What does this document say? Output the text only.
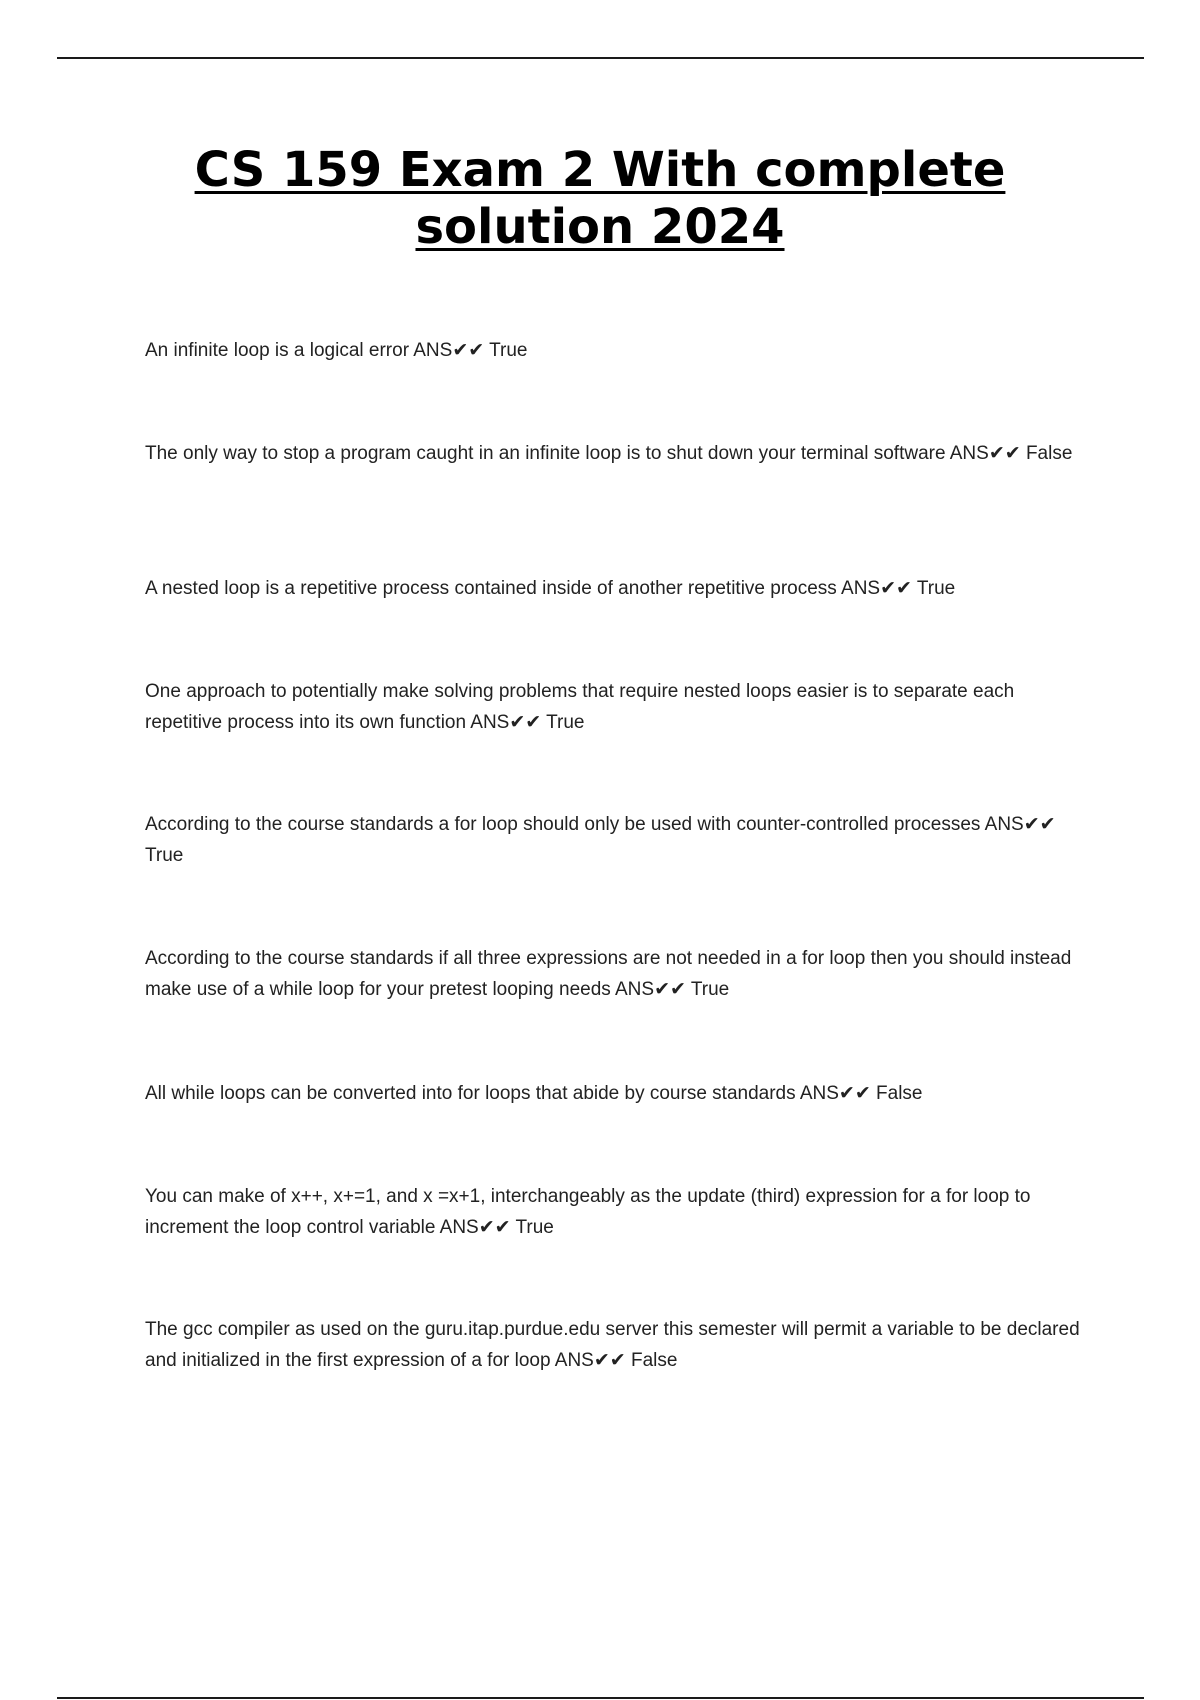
CS 159 Exam 2 With complete
solution 2024

An infinite loop is a logical error ANS✔✔ True

The only way to stop a program caught in an infinite loop is to shut down your terminal software ANS✔✔ False

A nested loop is a repetitive process contained inside of another repetitive process ANS✔✔ True

One approach to potentially make solving problems that require nested loops easier is to separate each repetitive process into its own function ANS✔✔ True

According to the course standards a for loop should only be used with counter-controlled processes ANS✔✔ True

According to the course standards if all three expressions are not needed in a for loop then you should instead make use of a while loop for your pretest looping needs ANS✔✔ True

All while loops can be converted into for loops that abide by course standards ANS✔✔ False

You can make of x++, x+=1, and x =x+1, interchangeably as the update (third) expression for a for loop to increment the loop control variable ANS✔✔ True

The gcc compiler as used on the guru.itap.purdue.edu server this semester will permit a variable to be declared and initialized in the first expression of a for loop ANS✔✔ False
